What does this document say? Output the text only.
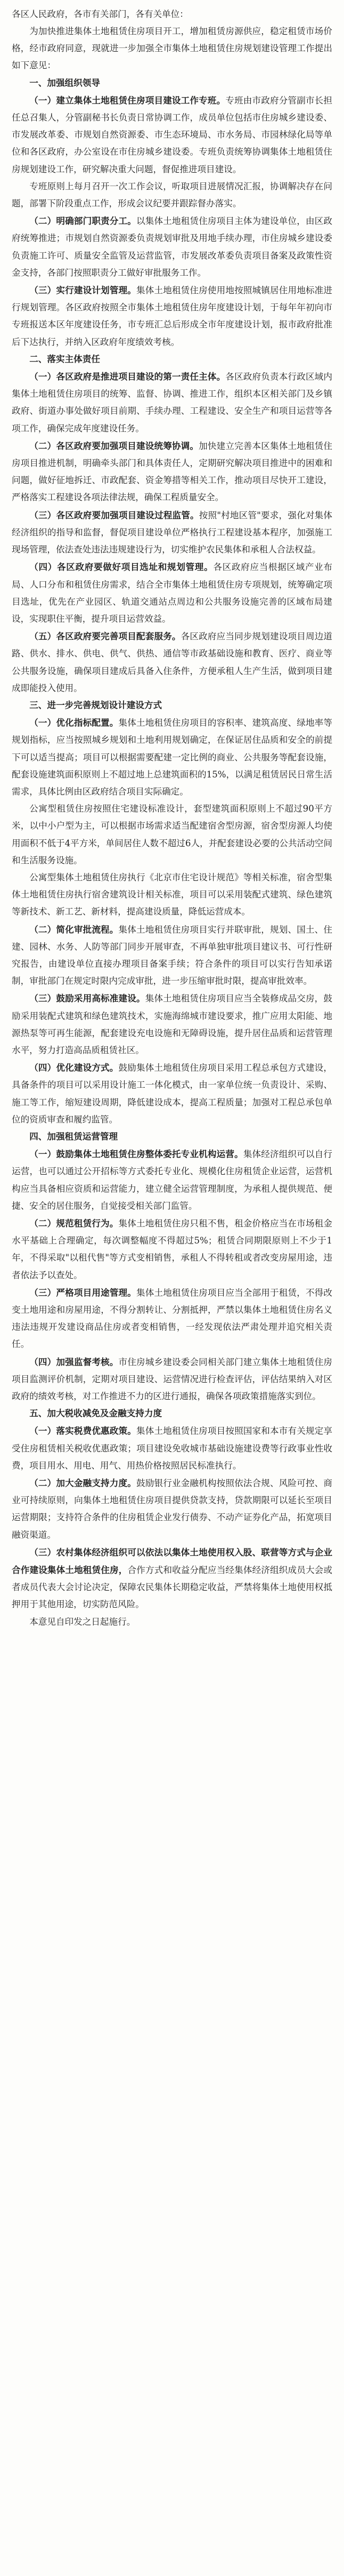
各区人民政府，各市有关部门，各有关单位：

为加快推进集体土地租赁住房项目开工，增加租赁房源供应，稳定租赁市场价格，经市政府同意，现就进一步加强全市集体土地租赁住房规划建设管理工作提出如下意见：

一、加强组织领导

（一）建立集体土地租赁住房项目建设工作专班。专班由市政府分管副市长担任总召集人，分管副秘书长负责日常协调工作，成员单位包括市住房城乡建设委、市发展改革委、市规划自然资源委、市生态环境局、市水务局、市园林绿化局等单位和各区政府，办公室设在市住房城乡建设委。专班负责统筹协调集体土地租赁住房规划建设工作，研究解决重大问题，督促推进项目建设。

专班原则上每月召开一次工作会议，听取项目进展情况汇报，协调解决存在问题，部署下阶段重点工作，形成会议纪要并跟踪督办落实。

（二）明确部门职责分工。以集体土地租赁住房项目主体为建设单位，由区政府统筹推进；市规划自然资源委负责规划审批及用地手续办理，市住房城乡建设委负责施工许可、质量安全监管及运营监管，市发展改革委负责项目备案及政策性资金支持，各部门按照职责分工做好审批服务工作。

（三）实行建设计划管理。集体土地租赁住房使用地按照城镇居住用地标准进行规划管理。各区政府按照全市集体土地租赁住房年度建设计划，于每年年初向市专班报送本区年度建设任务，市专班汇总后形成全市年度建设计划，报市政府批准后下达执行，并纳入区政府年度绩效考核。

二、落实主体责任

（一）各区政府是推进项目建设的第一责任主体。各区政府负责本行政区域内集体土地租赁住房项目的统筹、监督、协调、推进工作，组织本区相关部门及乡镇政府、街道办事处做好项目前期、手续办理、工程建设、安全生产和项目运营等各项工作，确保完成年度建设任务。

（二）各区政府要加强项目建设统筹协调。加快建立完善本区集体土地租赁住房项目推进机制，明确牵头部门和具体责任人，定期研究解决项目推进中的困难和问题，做好征地拆迁、市政配套、资金筹措等相关工作，推动项目尽快开工建设，严格落实工程建设各项法律法规，确保工程质量安全。

（三）各区政府要加强项目建设过程监管。按照"村地区管"要求，强化对集体经济组织的指导和监督，督促项目建设单位严格执行工程建设基本程序，加强施工现场管理，依法查处违法违规建设行为，切实维护农民集体和承租人合法权益。

（四）各区政府要做好项目选址和规划管理。各区政府应当根据区域产业布局、人口分布和租赁住房需求，结合全市集体土地租赁住房专项规划，统筹确定项目选址，优先在产业园区、轨道交通站点周边和公共服务设施完善的区域布局建设，实现职住平衡，提升项目运营效益。

（五）各区政府要完善项目配套服务。各区政府应当同步规划建设项目周边道路、供水、排水、供电、供气、供热、通信等市政基础设施和教育、医疗、商业等公共服务设施，确保项目建成后具备入住条件，方便承租人生产生活，做到项目建成即能投入使用。

三、进一步完善规划设计建设方式

（一）优化指标配置。集体土地租赁住房项目的容积率、建筑高度、绿地率等规划指标，应当按照城乡规划和土地利用规划确定，在保证居住品质和安全的前提下可以适当提高；项目可以根据需要配建一定比例的商业、公共服务等配套设施，配套设施建筑面积原则上不超过地上总建筑面积的15%，以满足租赁居民日常生活需求，具体比例由区政府结合项目实际确定。

公寓型租赁住房按照住宅建设标准设计，套型建筑面积原则上不超过90平方米，以中小户型为主，可以根据市场需求适当配建宿舍型房源，宿舍型房源人均使用面积不低于4平方米，单间居住人数不超过6人，并配套建设必要的公共活动空间和生活服务设施。

公寓型集体土地租赁住房执行《北京市住宅设计规范》等相关标准，宿舍型集体土地租赁住房执行宿舍建筑设计相关标准，项目可以采用装配式建筑、绿色建筑等新技术、新工艺、新材料，提高建设质量，降低运营成本。

（二）简化审批流程。集体土地租赁住房项目实行并联审批，规划、国土、住建、园林、水务、人防等部门同步开展审查，不再单独审批项目建议书、可行性研究报告，由建设单位直接办理项目备案手续；符合条件的项目可以实行告知承诺制，审批部门在规定时限内完成审批，进一步压缩审批时限，提高审批效率。

（三）鼓励采用高标准建设。集体土地租赁住房项目应当全装修成品交房，鼓励采用装配式建筑和绿色建筑技术，实施海绵城市建设要求，推广应用太阳能、地源热泵等可再生能源，配套建设充电设施和无障碍设施，提升居住品质和运营管理水平，努力打造高品质租赁社区。

（四）优化建设方式。鼓励集体土地租赁住房项目采用工程总承包方式建设，具备条件的项目可以采用设计施工一体化模式，由一家单位统一负责设计、采购、施工等工作，缩短建设周期，降低建设成本，提高工程质量；加强对工程总承包单位的资质审查和履约监管。

四、加强租赁运营管理

（一）鼓励集体土地租赁住房整体委托专业机构运营。集体经济组织可以自行运营，也可以通过公开招标等方式委托专业化、规模化住房租赁企业运营，运营机构应当具备相应资质和运营能力，建立健全运营管理制度，为承租人提供规范、便捷、安全的居住服务，自觉接受相关部门监管。

（二）规范租赁行为。集体土地租赁住房只租不售，租金价格应当在市场租金水平基础上合理确定，每次调整幅度不得超过5%；租赁合同期限原则上不少于1年，不得采取"以租代售"等方式变相销售，承租人不得转租或者改变房屋用途，违者依法予以查处。

（三）严格项目用途管理。集体土地租赁住房项目应当全部用于租赁，不得改变土地用途和房屋用途，不得分割转让、分割抵押，严禁以集体土地租赁住房名义违法违规开发建设商品住房或者变相销售，一经发现依法严肃处理并追究相关责任。

（四）加强监督考核。市住房城乡建设委会同相关部门建立集体土地租赁住房项目监测评价机制，定期对项目建设、运营情况进行检查评估，评估结果纳入对区政府的绩效考核，对工作推进不力的区进行通报，确保各项政策措施落实到位。

五、加大税收减免及金融支持力度

（一）落实税费优惠政策。集体土地租赁住房项目按照国家和本市有关规定享受住房租赁相关税收优惠政策；项目建设免收城市基础设施建设费等行政事业性收费，项目用水、用电、用气、用热价格按照居民标准执行。

（二）加大金融支持力度。鼓励银行业金融机构按照依法合规、风险可控、商业可持续原则，向集体土地租赁住房项目提供贷款支持，贷款期限可以延长至项目运营期限；支持符合条件的住房租赁企业发行债券、不动产证券化产品，拓宽项目融资渠道。

（三）农村集体经济组织可以依法以集体土地使用权入股、联营等方式与企业合作建设集体土地租赁住房，合作方式和收益分配应当经集体经济组织成员大会或者成员代表大会讨论决定，保障农民集体长期稳定收益，严禁将集体土地使用权抵押用于其他用途，切实防范风险。

本意见自印发之日起施行。
